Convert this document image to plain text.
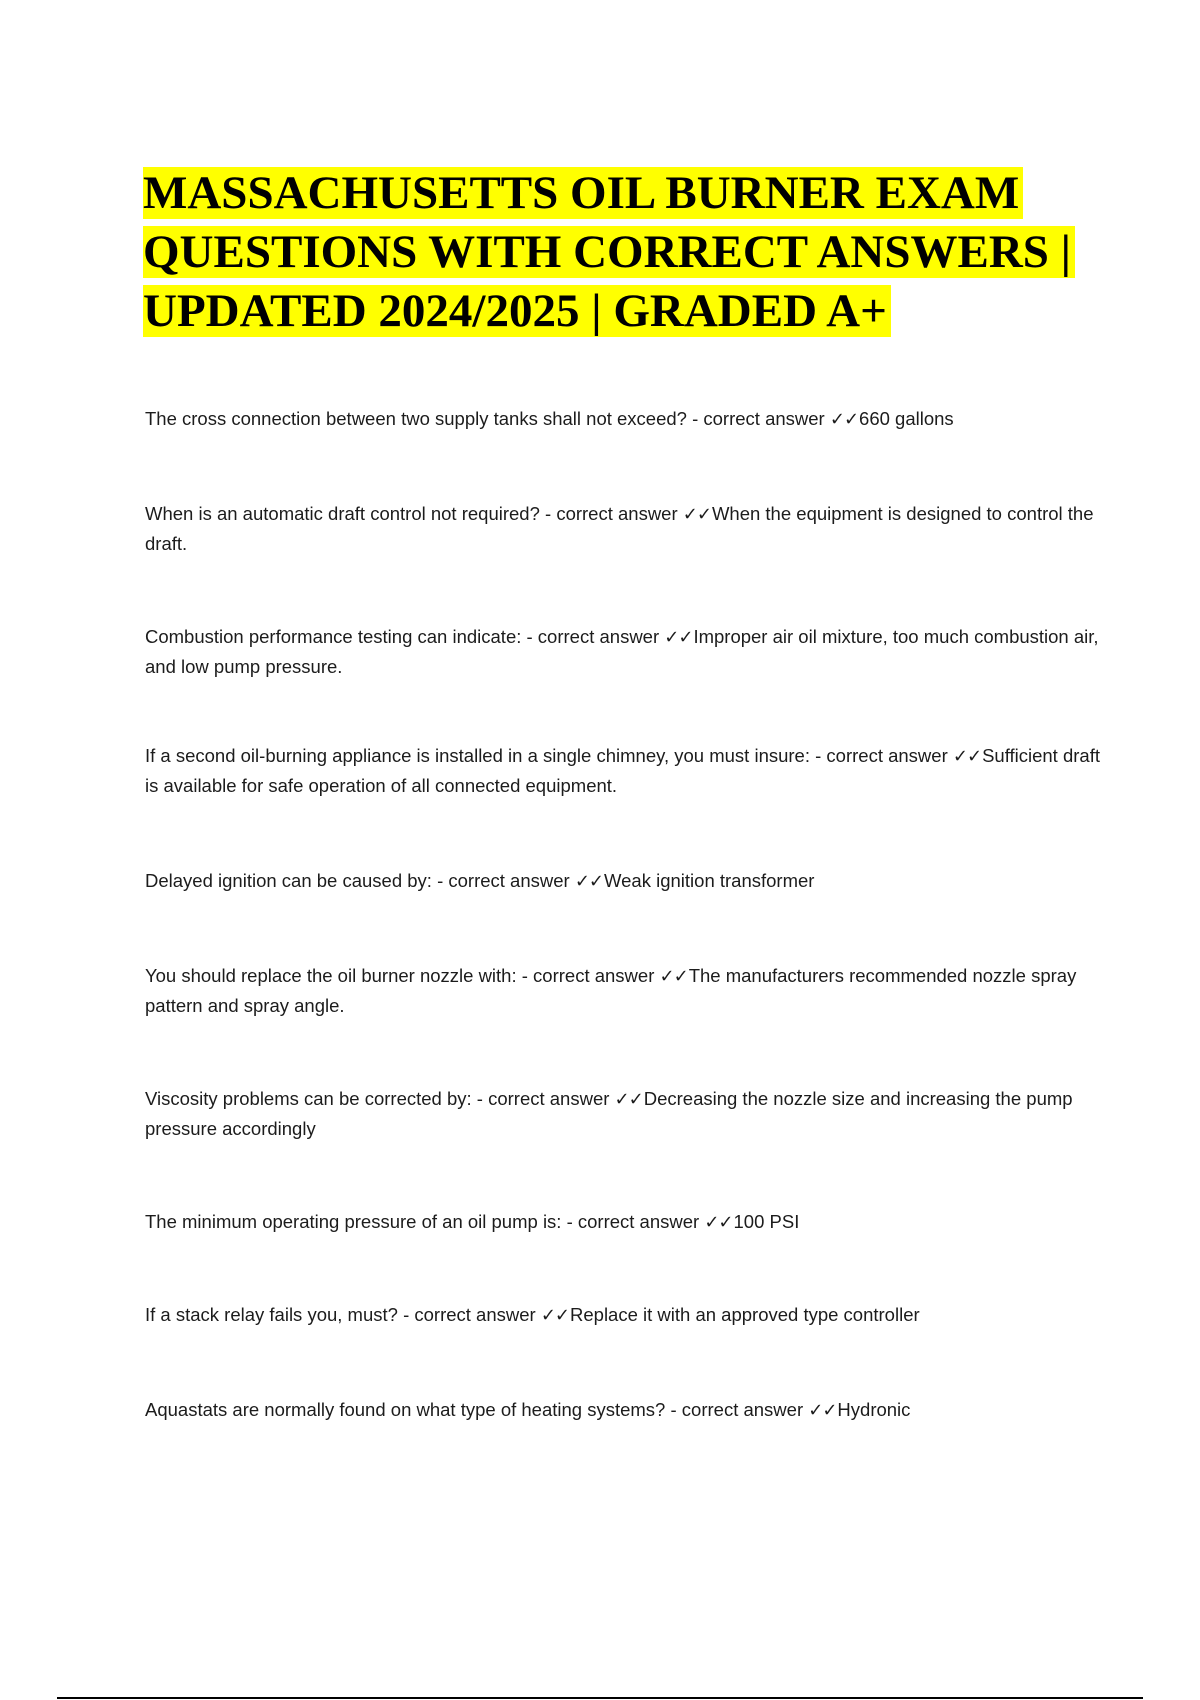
MASSACHUSETTS OIL BURNER EXAM QUESTIONS WITH CORRECT ANSWERS | UPDATED 2024/2025 | GRADED A+

The cross connection between two supply tanks shall not exceed? - correct answer ✓✓660 gallons

When is an automatic draft control not required? - correct answer ✓✓When the equipment is designed to control the draft.

Combustion performance testing can indicate: - correct answer ✓✓Improper air oil mixture, too much combustion air, and low pump pressure.

If a second oil-burning appliance is installed in a single chimney, you must insure: - correct answer ✓✓Sufficient draft is available for safe operation of all connected equipment.

Delayed ignition can be caused by: - correct answer ✓✓Weak ignition transformer

You should replace the oil burner nozzle with: - correct answer ✓✓The manufacturers recommended nozzle spray pattern and spray angle.

Viscosity problems can be corrected by: - correct answer ✓✓Decreasing the nozzle size and increasing the pump pressure accordingly

The minimum operating pressure of an oil pump is: - correct answer ✓✓100 PSI

If a stack relay fails you, must? - correct answer ✓✓Replace it with an approved type controller

Aquastats are normally found on what type of heating systems? - correct answer ✓✓Hydronic
